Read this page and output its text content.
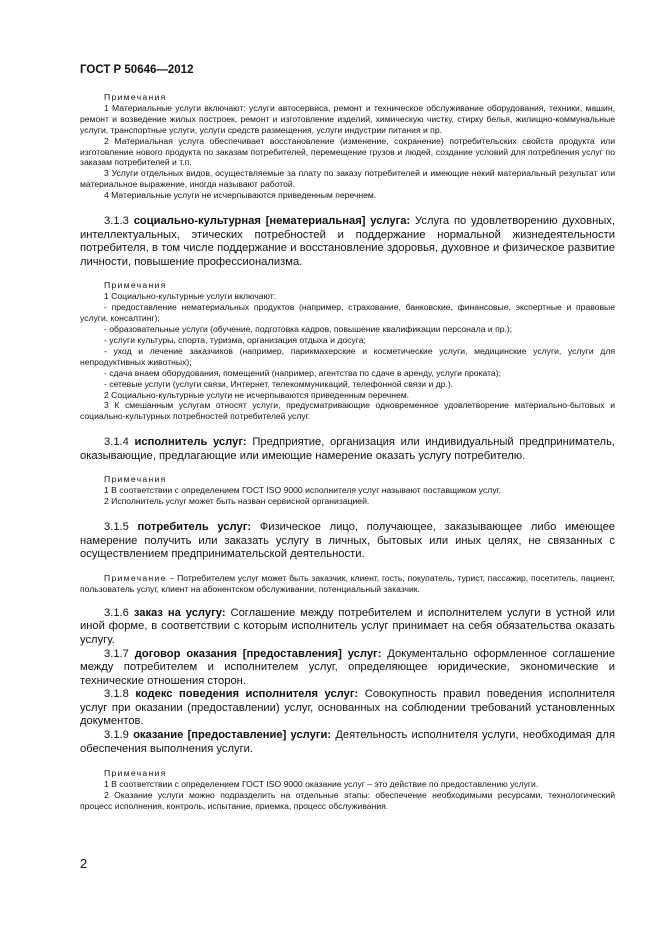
ГОСТ Р 50646—2012

Примечания

1 Материальные услуги включают: услуги автосервиса, ремонт и техническое обслуживание оборудования, техники, машин, ремонт и возведение жилых построек, ремонт и изготовление изделий, химическую чистку, стирку белья, жилищно-коммунальные услуги, транспортные услуги, услуги средств размещения, услуги индустрии питания и пр.

2 Материальная услуга обеспечивает восстановление (изменение, сохранение) потребительских свойств продукта или изготовление нового продукта по заказам потребителей, перемещение грузов и людей, создание условий для потребления услуг по заказам потребителей и т.п.

3 Услуги отдельных видов, осуществляемые за плату по заказу потребителей и имеющие некий материальный результат или материальное выражение, иногда называют работой.

4 Материальные услуги не исчерпываются приведенным перечнем.

3.1.3 социально-культурная [нематериальная] услуга: Услуга по удовлетворению духовных, интеллектуальных, этических потребностей и поддержание нормальной жизнедеятельности потребителя, в том числе поддержание и восстановление здоровья, духовное и физическое развитие личности, повышение профессионализма.

Примечания

1 Социально-культурные услуги включают:

- предоставление нематериальных продуктов (например, страхование, банковские, финансовые, экспертные и правовые услуги, консалтинг);

- образовательные услуги (обучение, подготовка кадров, повышение квалификации персонала и пр.);

- услуги культуры, спорта, туризма, организация отдыха и досуга;

- уход и лечение заказчиков (например, парикмахерские и косметические услуги, медицинские услуги, услуги для непродуктивных животных);

- сдача внаем оборудования, помещений (например, агентства по сдаче в аренду, услуги проката);

- сетевые услуги (услуги связи, Интернет, телекоммуникаций, телефонной связи и др.).

2 Социально-культурные услуги не исчерпываются приведенным перечнем.

3 К смешанным услугам относят услуги, предусматривающие одновременное удовлетворение материально-бытовых и социально-культурных потребностей потребителей услуг.

3.1.4 исполнитель услуг: Предприятие, организация или индивидуальный предприниматель, оказывающие, предлагающие или имеющие намерение оказать услугу потребителю.

Примечания

1 В соответствии с определением ГОСТ ISO 9000 исполнителя услуг называют поставщиком услуг.

2 Исполнитель услуг может быть назван сервисной организацией.

3.1.5 потребитель услуг: Физическое лицо, получающее, заказывающее либо имеющее намерение получить или заказать услугу в личных, бытовых или иных целях, не связанных с осуществлением предпринимательской деятельности.

Примечание – Потребителем услуг может быть заказчик, клиент, гость, покупатель, турист, пассажир, посетитель, пациент, пользователь услуг, клиент на абонентском обслуживании, потенциальный заказчик.

3.1.6 заказ на услугу: Соглашение между потребителем и исполнителем услуги в устной или иной форме, в соответствии с которым исполнитель услуг принимает на себя обязательства оказать услугу.

3.1.7 договор оказания [предоставления] услуг: Документально оформленное соглашение между потребителем и исполнителем услуг, определяющее юридические, экономические и технические отношения сторон.

3.1.8 кодекс поведения исполнителя услуг: Совокупность правил поведения исполнителя услуг при оказании (предоставлении) услуг, основанных на соблюдении требований установленных документов.

3.1.9 оказание [предоставление] услуги: Деятельность исполнителя услуги, необходимая для обеспечения выполнения услуги.

Примечания

1 В соответствии с определением ГОСТ ISO 9000 оказание услуг – это действие по предоставлению услуги.

2 Оказание услуги можно подразделить на отдельные этапы: обеспечение необходимыми ресурсами, технологический процесс исполнения, контроль, испытание, приемка, процесс обслуживания.

2
